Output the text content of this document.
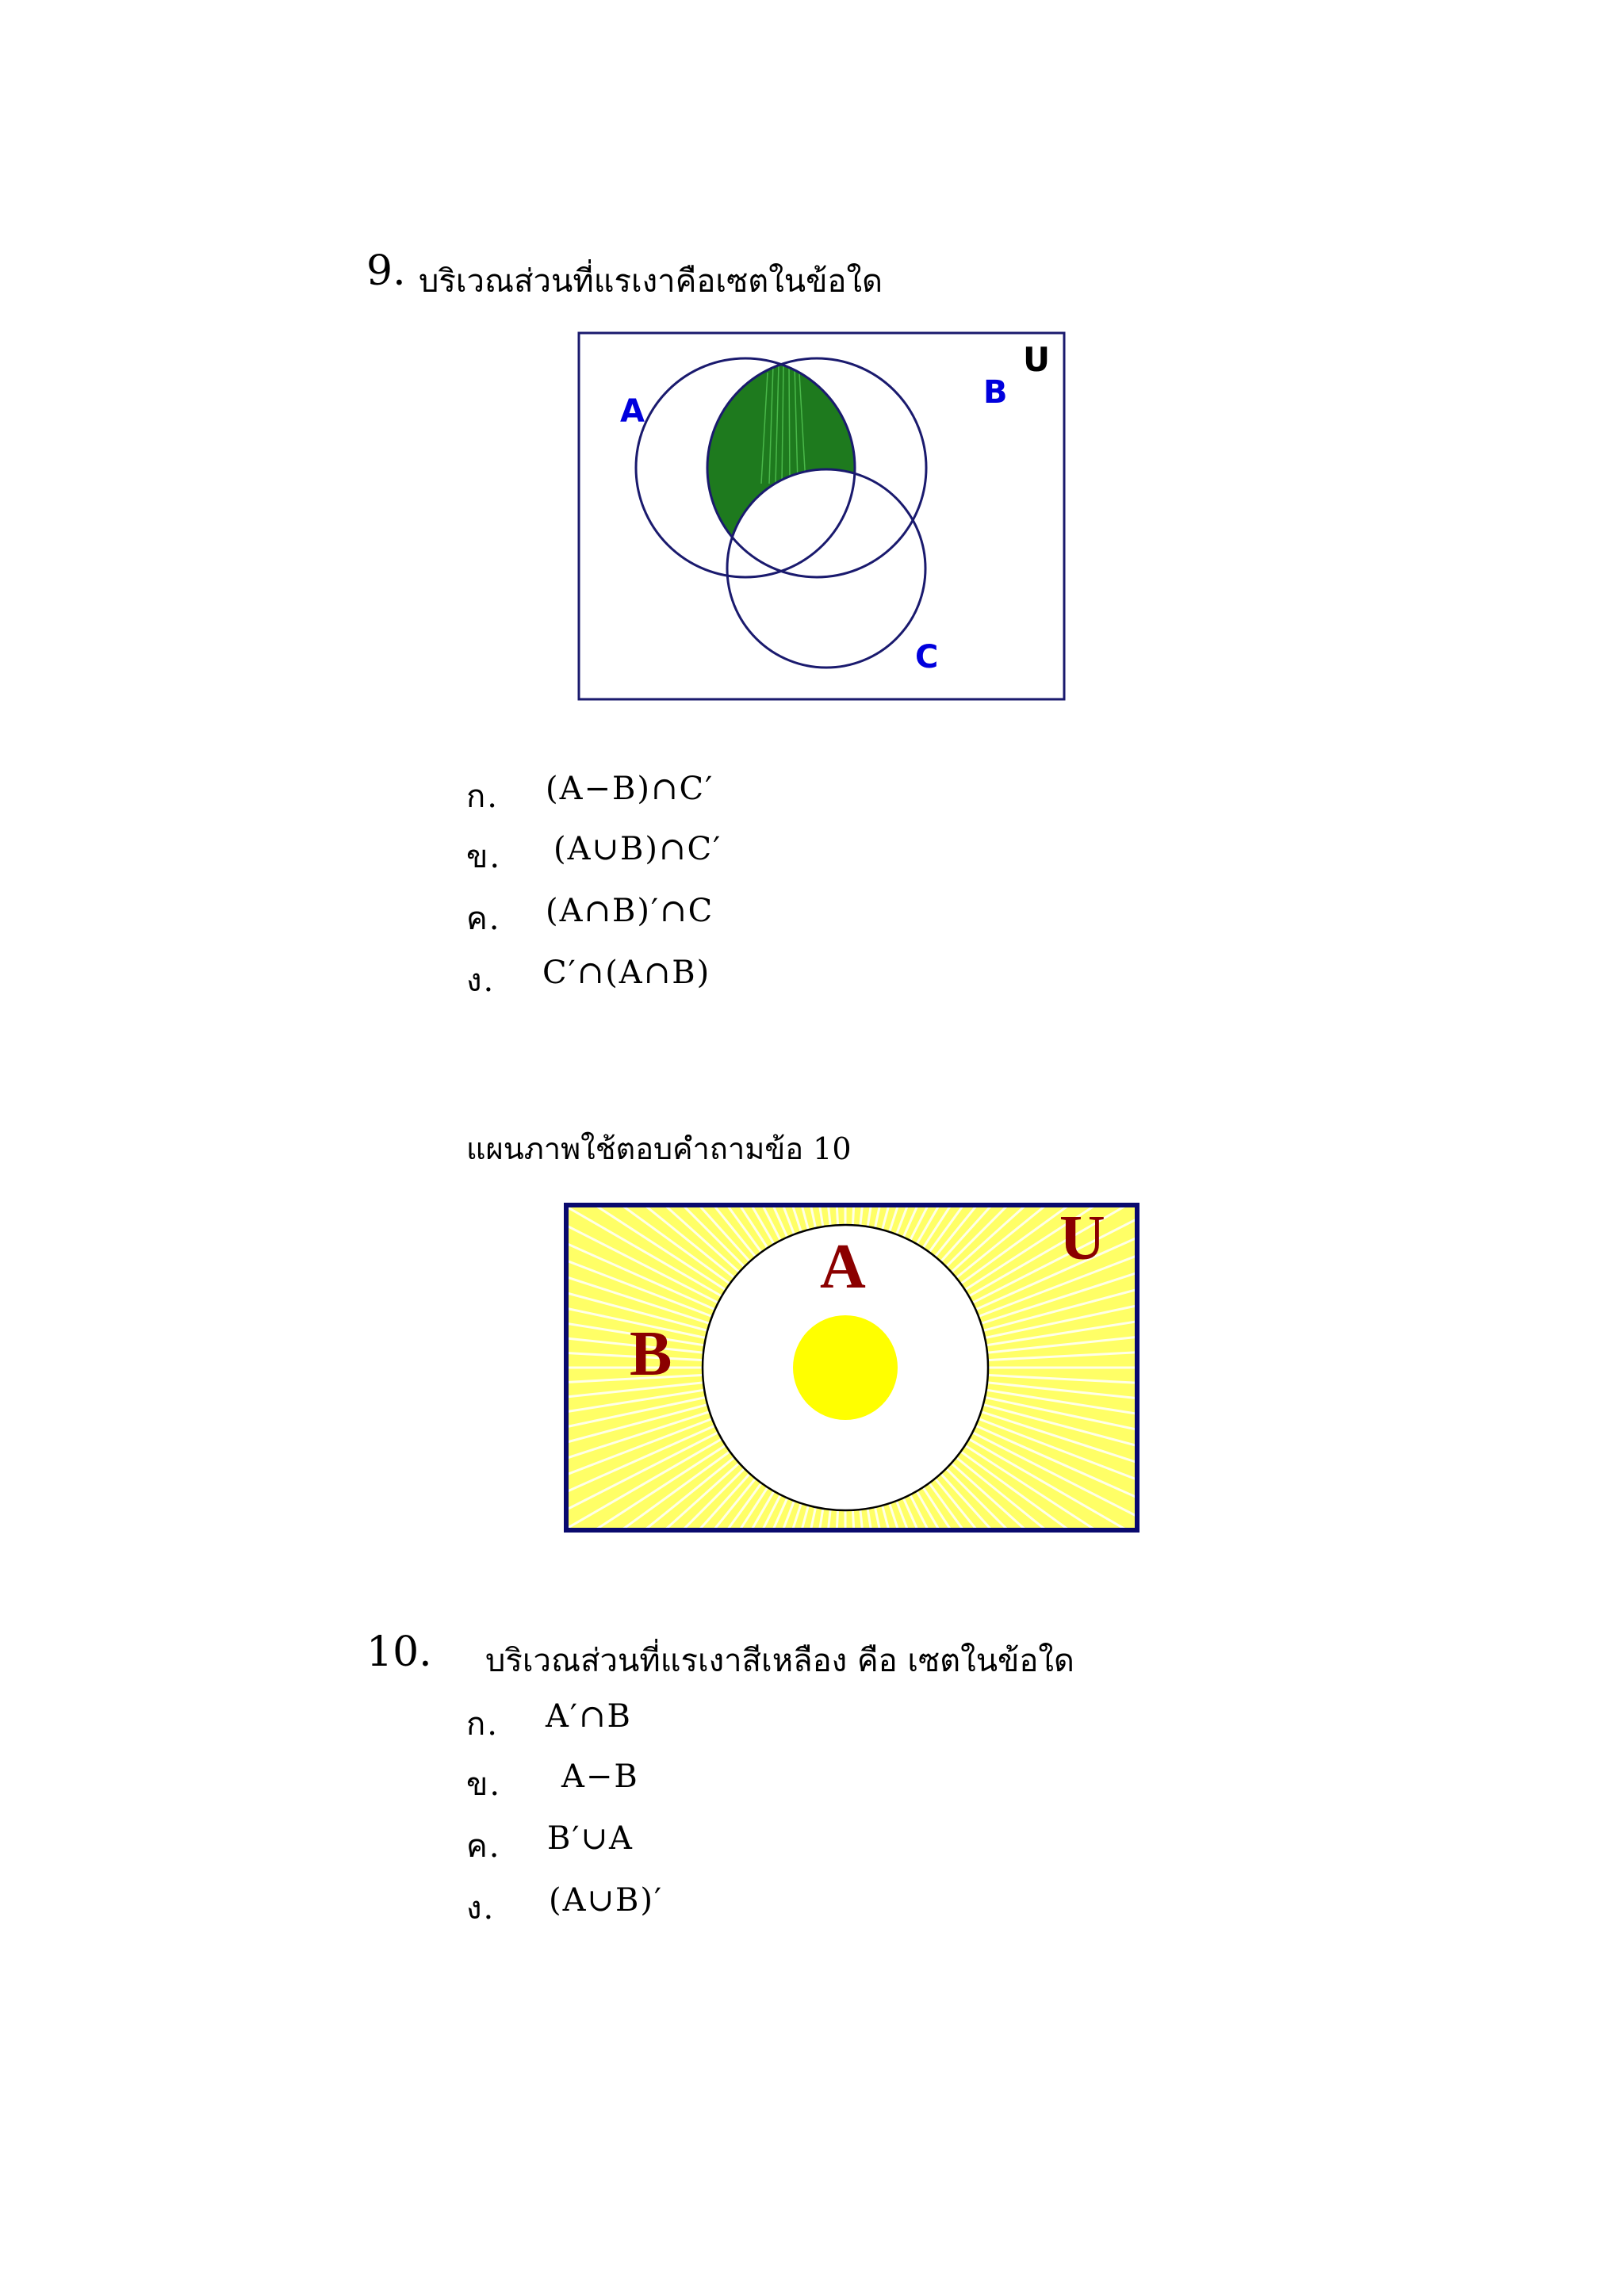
9. บริเวณส่วนที่แรเงาคือเซตในข้อใด
U
A
B
C
ก. (A−B)∩C′
ข. (A∪B)∩C′
ค. (A∩B)′∩C
ง. C′∩(A∩B)
แผนภาพใช้ตอบคำถามข้อ 10
U
A
B
10. บริเวณส่วนที่แรเงาสีเหลือง คือ เซตในข้อใด
ก. A′∩B
ข. A−B
ค. B′∪A
ง. (A∪B)′
